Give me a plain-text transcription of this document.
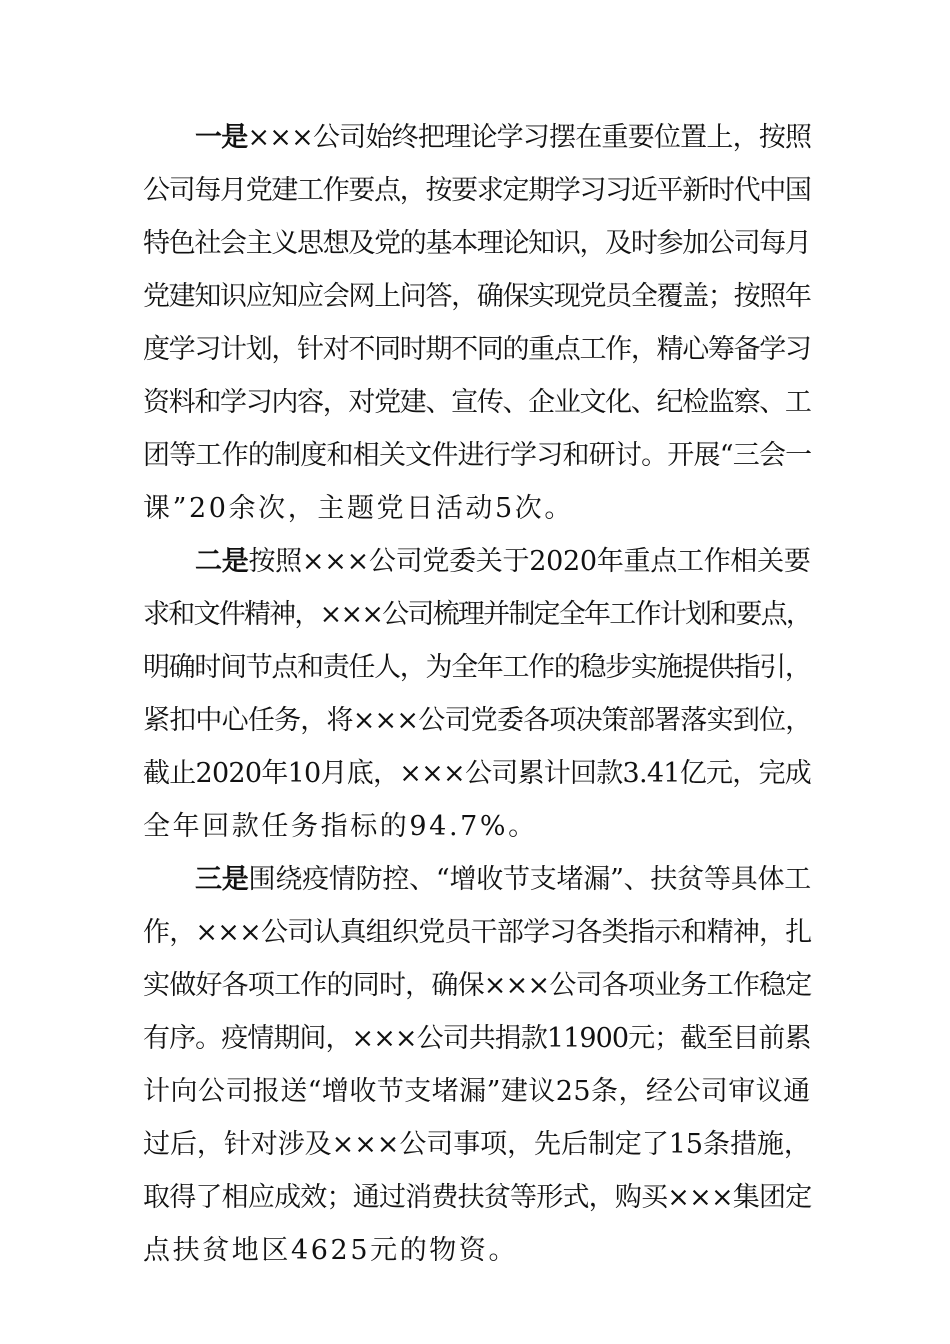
一是×××公司始终把理论学习摆在重要位置上，按照
公司每月党建工作要点，按要求定期学习习近平新时代中国
特色社会主义思想及党的基本理论知识，及时参加公司每月
党建知识应知应会网上问答，确保实现党员全覆盖；按照年
度学习计划，针对不同时期不同的重点工作，精心筹备学习
资料和学习内容，对党建、宣传、企业文化、纪检监察、工
团等工作的制度和相关文件进行学习和研讨。开展“三会一
课”20余次，主题党日活动5次。
二是按照×××公司党委关于2020年重点工作相关要
求和文件精神，×××公司梳理并制定全年工作计划和要点，
明确时间节点和责任人，为全年工作的稳步实施提供指引，
紧扣中心任务，将×××公司党委各项决策部署落实到位，
截止2020年10月底，×××公司累计回款3.41亿元，完成
全年回款任务指标的94.7%。
三是围绕疫情防控、“增收节支堵漏”、扶贫等具体工
作，×××公司认真组织党员干部学习各类指示和精神，扎
实做好各项工作的同时，确保×××公司各项业务工作稳定
有序。疫情期间，×××公司共捐款11900元；截至目前累
计向公司报送“增收节支堵漏”建议25条，经公司审议通
过后，针对涉及×××公司事项，先后制定了15条措施，
取得了相应成效；通过消费扶贫等形式，购买×××集团定
点扶贫地区4625元的物资。
